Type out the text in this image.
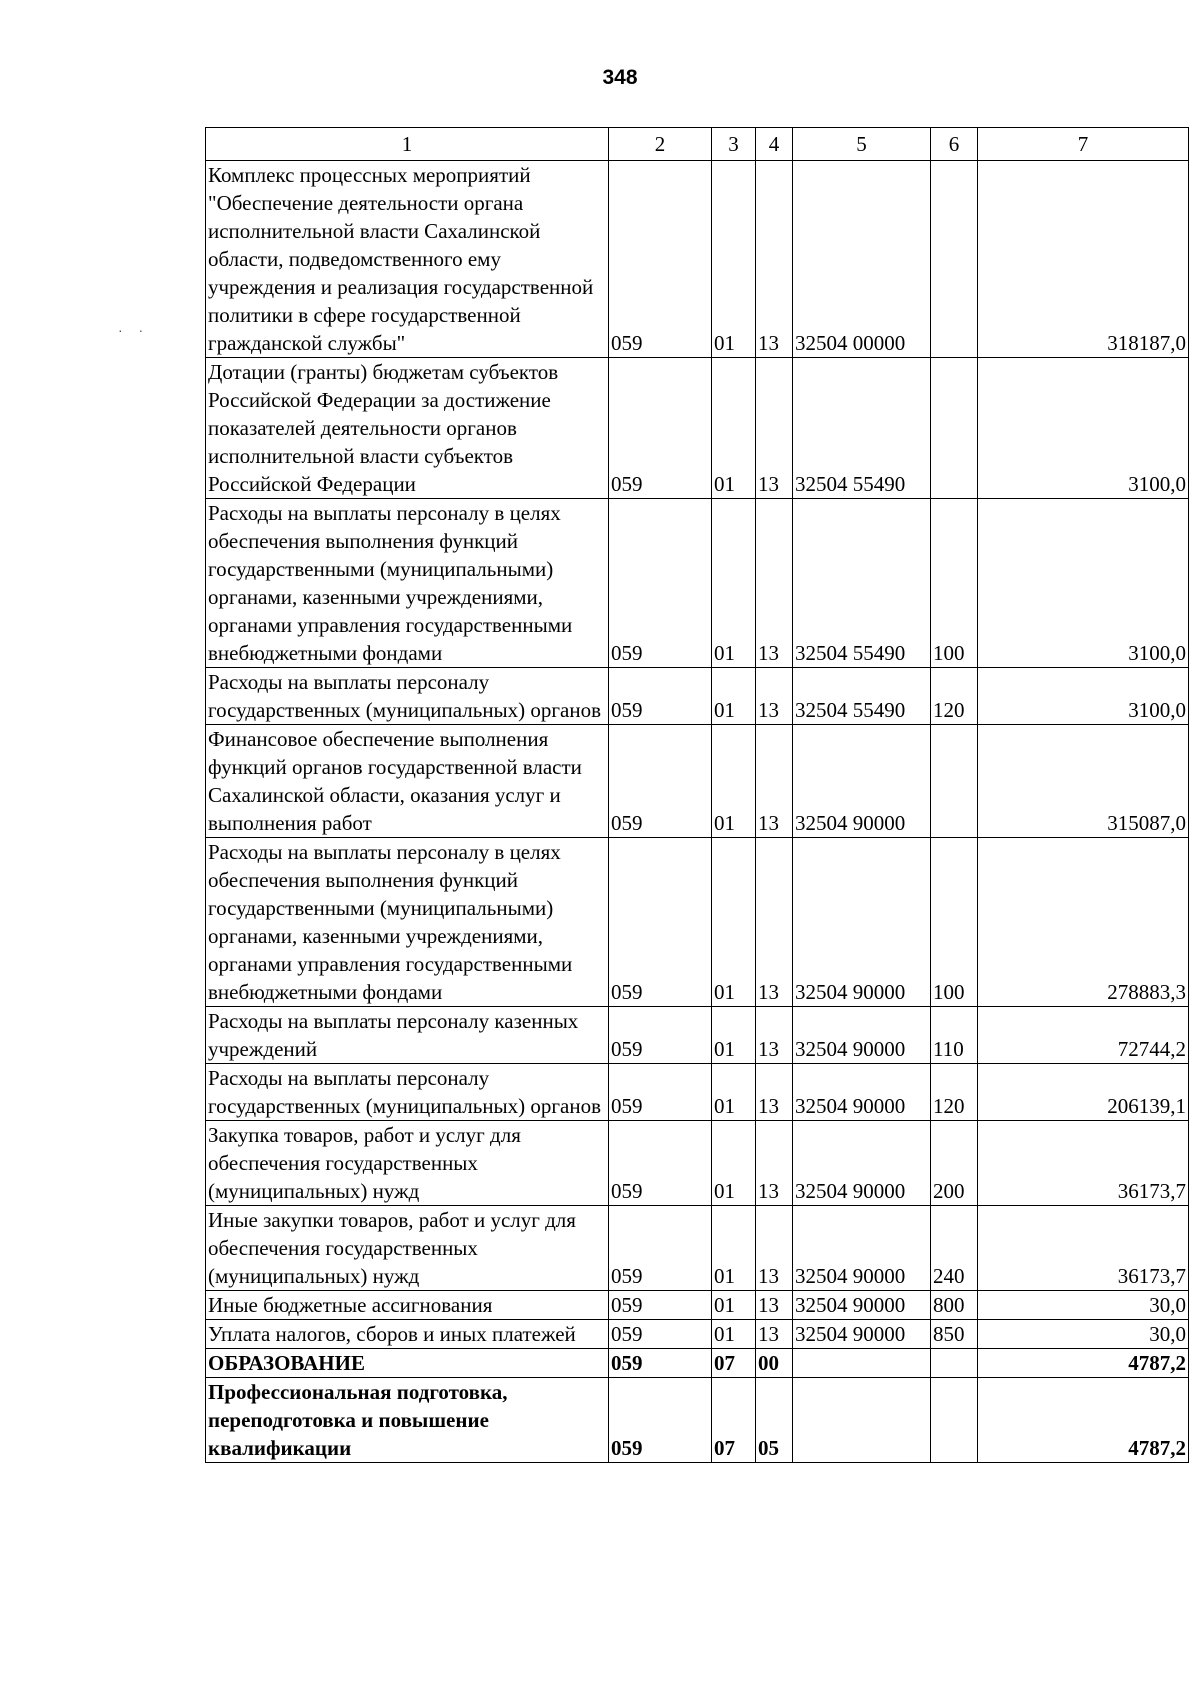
348
· ·
1	2	3	4	5	6	7
Комплекс процессных мероприятий "Обеспечение деятельности органа исполнительной власти Сахалинской области, подведомственного ему учреждения и реализация государственной политики в сфере государственной гражданской службы"	059	01	13	32504 00000		318187,0
Дотации (гранты) бюджетам субъектов Российской Федерации за достижение показателей деятельности органов исполнительной власти субъектов Российской Федерации	059	01	13	32504 55490		3100,0
Расходы на выплаты персоналу в целях обеспечения выполнения функций государственными (муниципальными) органами, казенными учреждениями, органами управления государственными внебюджетными фондами	059	01	13	32504 55490	100	3100,0
Расходы на выплаты персоналу государственных (муниципальных) органов	059	01	13	32504 55490	120	3100,0
Финансовое обеспечение выполнения функций органов государственной власти Сахалинской области, оказания услуг и выполнения работ	059	01	13	32504 90000		315087,0
Расходы на выплаты персоналу в целях обеспечения выполнения функций государственными (муниципальными) органами, казенными учреждениями, органами управления государственными внебюджетными фондами	059	01	13	32504 90000	100	278883,3
Расходы на выплаты персоналу казенных учреждений	059	01	13	32504 90000	110	72744,2
Расходы на выплаты персоналу государственных (муниципальных) органов	059	01	13	32504 90000	120	206139,1
Закупка товаров, работ и услуг для обеспечения государственных (муниципальных) нужд	059	01	13	32504 90000	200	36173,7
Иные закупки товаров, работ и услуг для обеспечения государственных (муниципальных) нужд	059	01	13	32504 90000	240	36173,7
Иные бюджетные ассигнования	059	01	13	32504 90000	800	30,0
Уплата налогов, сборов и иных платежей	059	01	13	32504 90000	850	30,0
ОБРАЗОВАНИЕ	059	07	00			4787,2
Профессиональная подготовка, переподготовка и повышение квалификации	059	07	05			4787,2
